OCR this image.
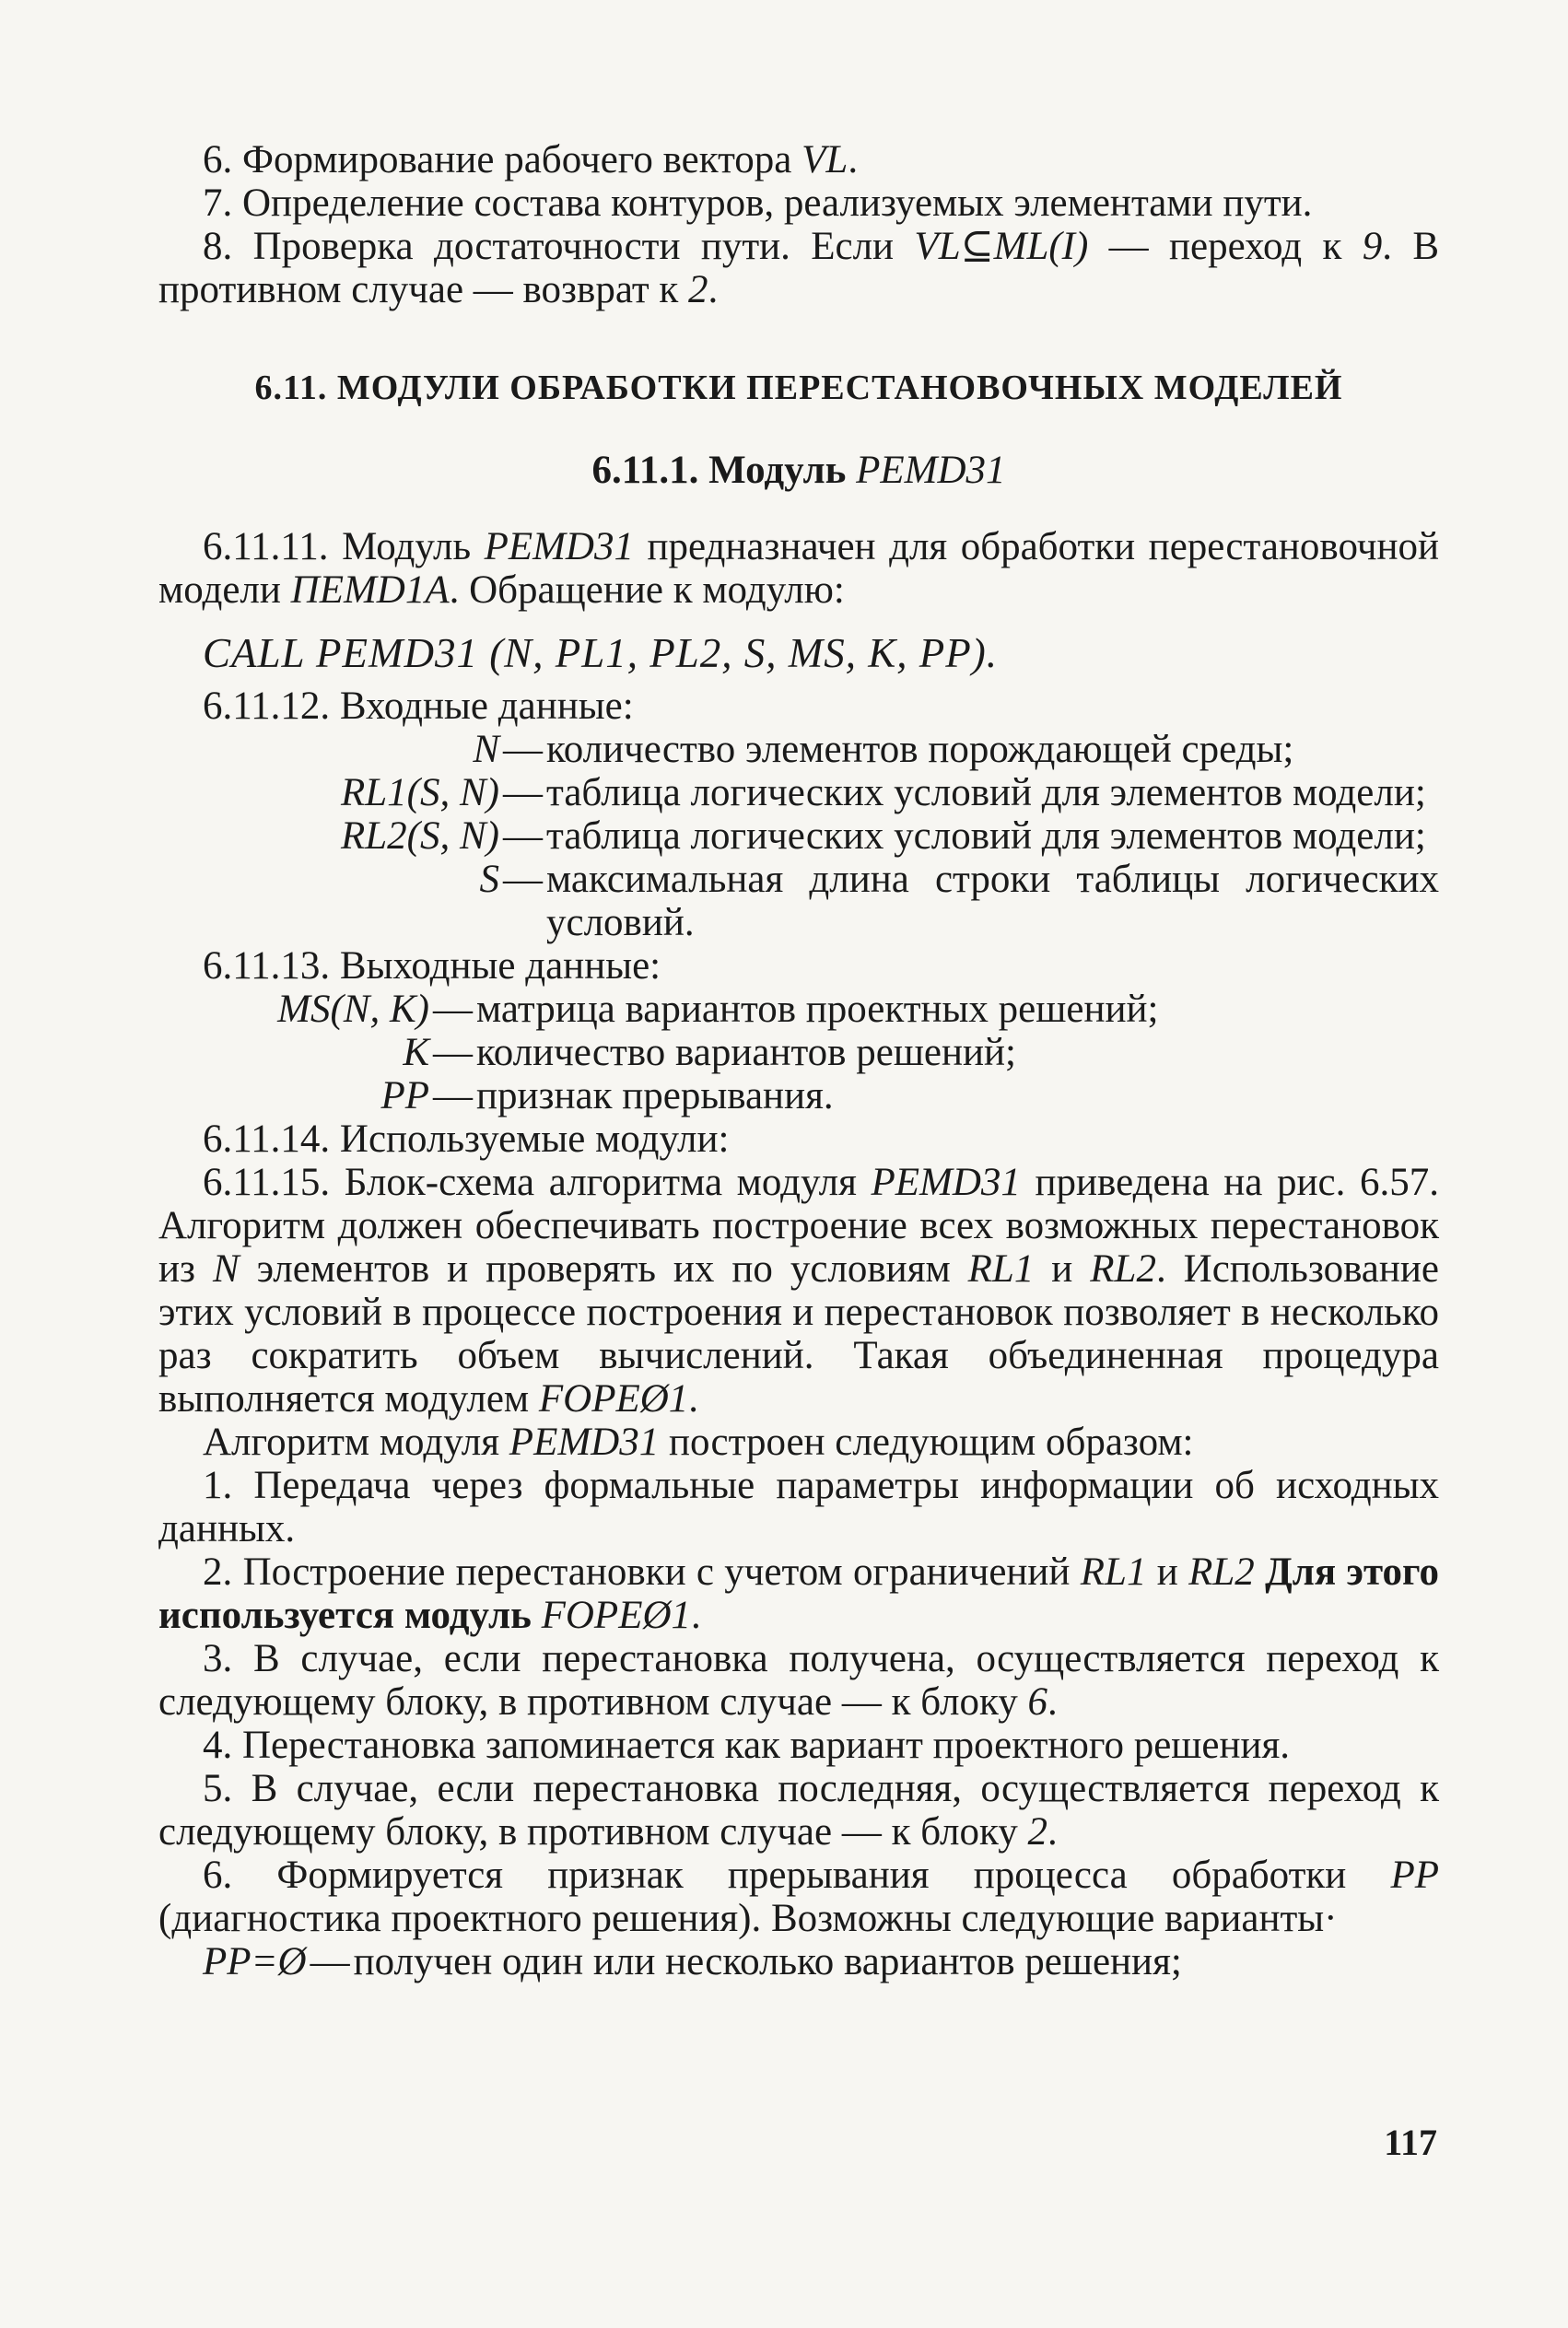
6. Формирование рабочего вектора VL.

7. Определение состава контуров, реализуемых элементами пути.

8. Проверка достаточности пути. Если VL⊆ML(I) — переход к 9. В противном случае — возврат к 2.

6.11. МОДУЛИ ОБРАБОТКИ ПЕРЕСТАНОВОЧНЫХ МОДЕЛЕЙ
6.11.1. Модуль PEMD31

6.11.11. Модуль PEMD31 предназначен для обработки перестановочной модели ПЕМD1А. Обращение к модулю:

CALL PEMD31 (N, PL1, PL2, S, MS, K, PP).

6.11.12. Входные данные:

N — количество элементов порождающей среды;
RL1(S, N) — таблица логических условий для элементов модели;
RL2(S, N) — таблица логических условий для элементов модели;
S — максимальная длина строки таблицы логических условий.

6.11.13. Выходные данные:

MS(N, K) — матрица вариантов проектных решений;
K — количество вариантов решений;
PP — признак прерывания.

6.11.14. Используемые модули:

6.11.15. Блок-схема алгоритма модуля PEMD31 приведена на рис. 6.57. Алгоритм должен обеспечивать построение всех возможных перестановок из N элементов и проверять их по условиям RL1 и RL2. Использование этих условий в процессе построения и перестановок позволяет в несколько раз сократить объем вычислений. Такая объединенная процедура выполняется модулем FOPEØ1.

Алгоритм модуля PEMD31 построен следующим образом:

1. Передача через формальные параметры информации об исходных данных.

2. Построение перестановки с учетом ограничений RL1 и RL2 Для этого используется модуль FOPEØ1.

3. В случае, если перестановка получена, осуществляется переход к следующему блоку, в противном случае — к блоку 6.

4. Перестановка запоминается как вариант проектного решения.

5. В случае, если перестановка последняя, осуществляется переход к следующему блоку, в противном случае — к блоку 2.

6. Формируется признак прерывания процесса обработки PP (диагностика проектного решения). Возможны следующие варианты·

PP=Ø — получен один или несколько вариантов решения;
117
